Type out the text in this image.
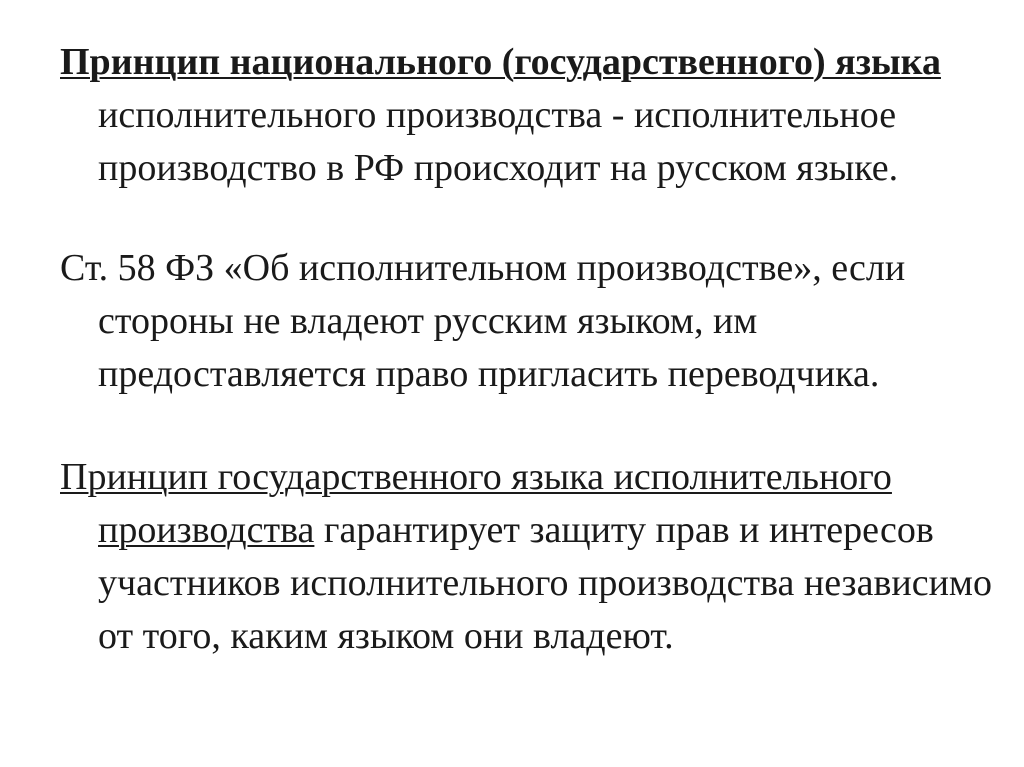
Принцип национального (государственного) языка исполнительного производства - исполнительное производство в РФ происходит на русском языке.

Ст. 58 ФЗ «Об исполнительном производстве», если стороны не владеют русским языком, им предоставляется право пригласить переводчика.

Принцип государственного языка исполнительного производства гарантирует защиту прав и интересов участников исполнительного производства независимо от того, каким языком они владеют.
